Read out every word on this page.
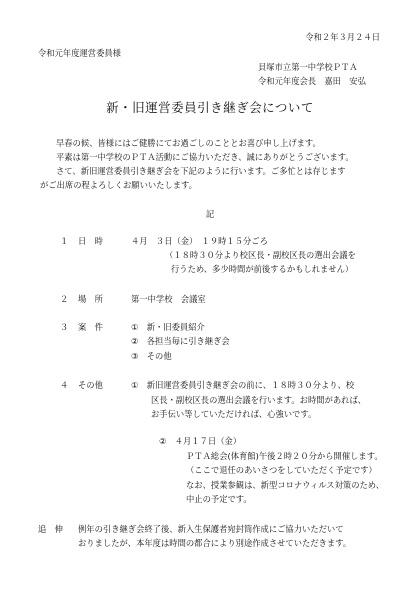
令和２年３月２４日
令和元年度運営委員様
貝塚市立第一中学校ＰＴＡ
令和元年度会長　嘉田　安弘
新・旧運営委員引き継ぎ会について
早春の候、皆様にはご健勝にてお過ごしのこととお喜び申し上げます。
平素は第一中学校のＰＴＡ活動にご協力いただき、誠にありがとうございます。
さて、新旧運営委員引き継ぎ会を下記のように行います。ご多忙とは存じます
がご出席の程よろしくお願いいたします。
記
１ 日　時	４月　３日（金）　１９時１５分ごろ
（１８時３０分より校区長・副校区長の選出会議を
行うため、多少時間が前後するかもしれません）
２ 場　所	第一中学校　会議室
３ 案　件	①　新・旧委員紹介
②　各担当毎に引き継ぎ会
③　その他
４ その他	①　新旧運営委員引き継ぎ会の前に、１８時３０分より、校
区長・副校区長の選出会議を行います。お時間があれば、
お手伝い等していただければ、心強いです。
②　４月１７日（金）
ＰＴＡ総会(体育館)午後２時２０分から開催します。
（ここで退任のあいさつをしていただく予定です）
なお、授業参観は、新型コロナウィルス対策のため、
中止の予定です。
追　伸 例年の引き継ぎ会終了後、新入生保護者宛封筒作成にご協力いただいて
おりましたが、本年度は時間の都合により別途作成させていただきます。
